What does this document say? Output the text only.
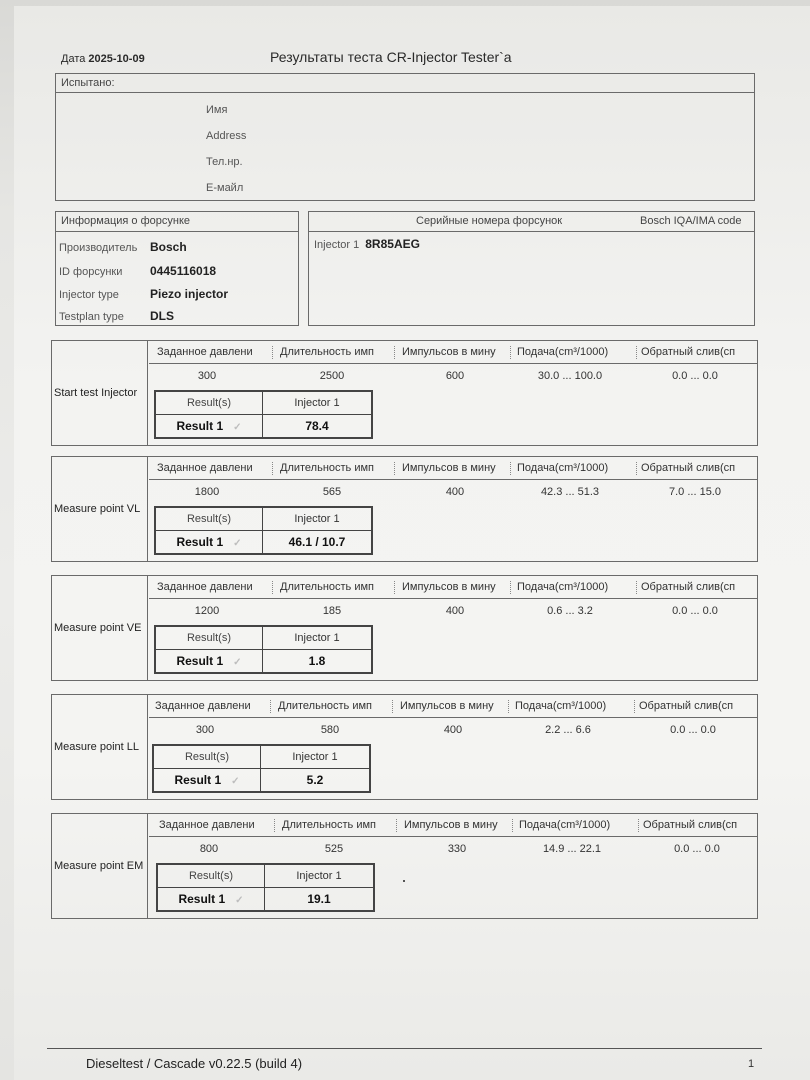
Дата 2025-10-09	Результаты теста CR-Injector Tester`a
Испытано:
Имя
Address
Тел.нр.
E-майл
Информация о форсунке
Производитель Bosch
ID форсунки 0445116018
Injector type	Piezo injector
Testplan type DLS
Серийные номера форсунок	Bosch IQA/IMA code
Injector 1 8R85AEG
Start test Injector
Заданное давлени	Длительность имп	Импульсов в мину	Подача(cm³/1000)	Обратный слив(cп
300	2500	600	30.0 ... 100.0	0.0 ... 0.0
Result(s)	Injector 1
Result 1 ✓	78.4
Measure point VL
Заданное давлени	Длительность имп	Импульсов в мину	Подача(cm³/1000)	Обратный слив(cп
1800	565	400	42.3 ... 51.3	7.0 ... 15.0
Result(s)	Injector 1
Result 1 ✓	46.1 / 10.7
Measure point VE
Заданное давлени	Длительность имп	Импульсов в мину	Подача(cm³/1000)	Обратный слив(cп
1200	185	400	0.6 ... 3.2	0.0 ... 0.0
Result(s)	Injector 1
Result 1 ✓	1.8
Measure point LL
Заданное давлени	Длительность имп	Импульсов в мину	Подача(cm³/1000)	Обратный слив(cп
300	580	400	2.2 ... 6.6	0.0 ... 0.0
Result(s)	Injector 1
Result 1 ✓	5.2
Measure point EM
Заданное давлени	Длительность имп	Импульсов в мину	Подача(cm³/1000)	Обратный слив(cп
800	525	330	14.9 ... 22.1	0.0 ... 0.0
Result(s)	Injector 1
Result 1 ✓	19.1
Dieseltest / Cascade v0.22.5 (build 4)	1
